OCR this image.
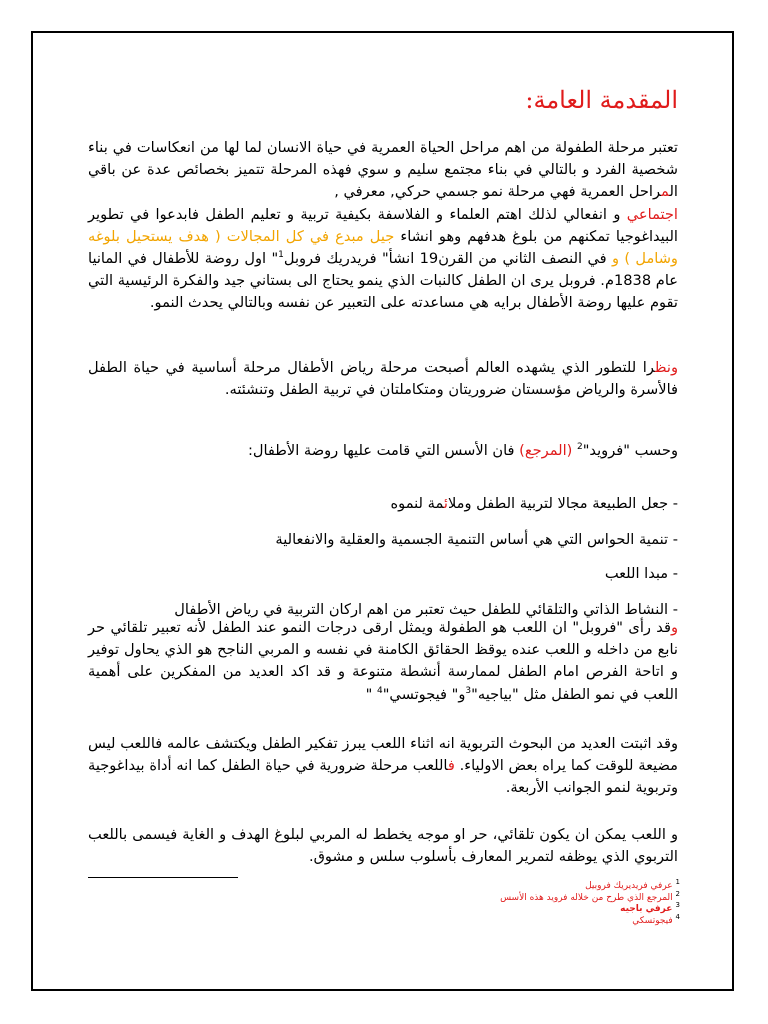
المقدمة العامة:

تعتبر مرحلة الطفولة من اهم مراحل الحياة العمرية في حياة الانسان لما لها من انعكاسات في بناء شخصية الفرد و بالتالي في بناء مجتمع سليم و سوي فهذه المرحلة تتميز بخصائص عدة عن باقي المراحل العمرية فهي مرحلة نمو جسمي حركي, معرفي ,
اجتماعي و انفعالي لذلك اهتم العلماء و الفلاسفة بكيفية تربية و تعليم الطفل فابدعوا في تطوير البيداغوجيا تمكنهم من بلوغ هدفهم وهو انشاء جيل مبدع في كل المجالات ( هدف يستحيل بلوغه وشامل ) و في النصف الثاني من القرن19 انشأ" فريدريك فروبل$^1$" اول روضة للأطفال في المانيا عام 1838م. فروبل يرى ان الطفل كالنبات الذي ينمو يحتاج الى بستاني جيد والفكرة الرئيسية التي تقوم عليها روضة الأطفال برايه هي مساعدته على التعبير عن نفسه وبالتالي يحدث النمو.

ونظرا للتطور الذي يشهده العالم أصبحت مرحلة رياض الأطفال مرحلة أساسية في حياة الطفل فالأسرة والرياض مؤسستان ضروريتان ومتكاملتان في تربية الطفل وتنشئته.

وحسب "فرويد"$^2$ (المرجع) فان الأسس التي قامت عليها روضة الأطفال:

- جعل الطبيعة مجالا لتربية الطفل وملائمة لنموه

- تنمية الحواس التي هي أساس التنمية الجسمية والعقلية والانفعالية

- مبدا اللعب

- النشاط الذاتي والتلقائي للطفل حيث تعتبر من اهم اركان التربية في رياض الأطفال

وقد رأى "فروبل" ان اللعب هو الطفولة ويمثل ارقى درجات النمو عند الطفل لأنه تعبير تلقائي حر نابع من داخله و اللعب عنده يوقظ الحقائق الكامنة في نفسه و المربي الناجح هو الذي يحاول توفير و اتاحة الفرص امام الطفل لممارسة أنشطة متنوعة و قد اكد العديد من المفكرين على أهمية اللعب في نمو الطفل مثل "بياجيه"$^3$و" فيجوتسي"$^4$ "

وقد اثبتت العديد من البحوث التربوية انه اثناء اللعب يبرز تفكير الطفل ويكتشف عالمه فاللعب ليس مضيعة للوقت كما يراه بعض الاولياء. فاللعب مرحلة ضرورية في حياة الطفل كما انه أداة بيداغوجية وتربوية لنمو الجوانب الأربعة.

و اللعب يمكن ان يكون تلقائي، حر او موجه يخطط له المربي لبلوغ الهدف و الغاية فيسمى باللعب التربوي الذي يوظفه لتمرير المعارف بأسلوب سلس و مشوق.

$^1$ عرفي فريديريك فروبيل

$^2$ المرجع الذي طرح من خلاله فرويد هذه الأسس

$^3$ عرفي باجيه

$^4$ فيجوتسكي
